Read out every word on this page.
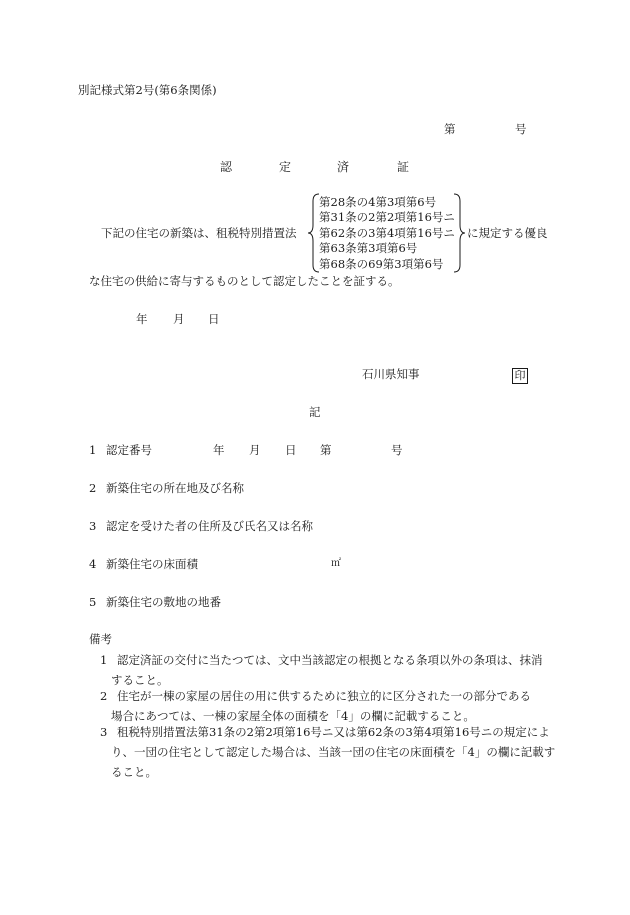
別記様式第2号(第6条関係)
第	号
認	定	済	証
下記の住宅の新築は、租税特別措置法
第28条の4第3項第6号
第31条の2第2項第16号ニ
第62条の3第4項第16号ニ
第63条第3項第6号
第68条の69第3項第6号
に規定する優良
な住宅の供給に寄与するものとして認定したことを証する。
年 月 日
石川県知事	印
記
1 認定番号	年 月 日 第	号
2 新築住宅の所在地及び名称
3 認定を受けた者の住所及び氏名又は名称
4 新築住宅の床面積	㎡
5 新築住宅の敷地の地番
備考
1 認定済証の交付に当たつては、文中当該認定の根拠となる条項以外の条項は、抹消
すること。
2 住宅が一棟の家屋の居住の用に供するために独立的に区分された一の部分である
場合にあつては、一棟の家屋全体の面積を「4」の欄に記載すること。
3 租税特別措置法第31条の2第2項第16号ニ又は第62条の3第4項第16号ニの規定によ
り、一団の住宅として認定した場合は、当該一団の住宅の床面積を「4」の欄に記載す
ること。
